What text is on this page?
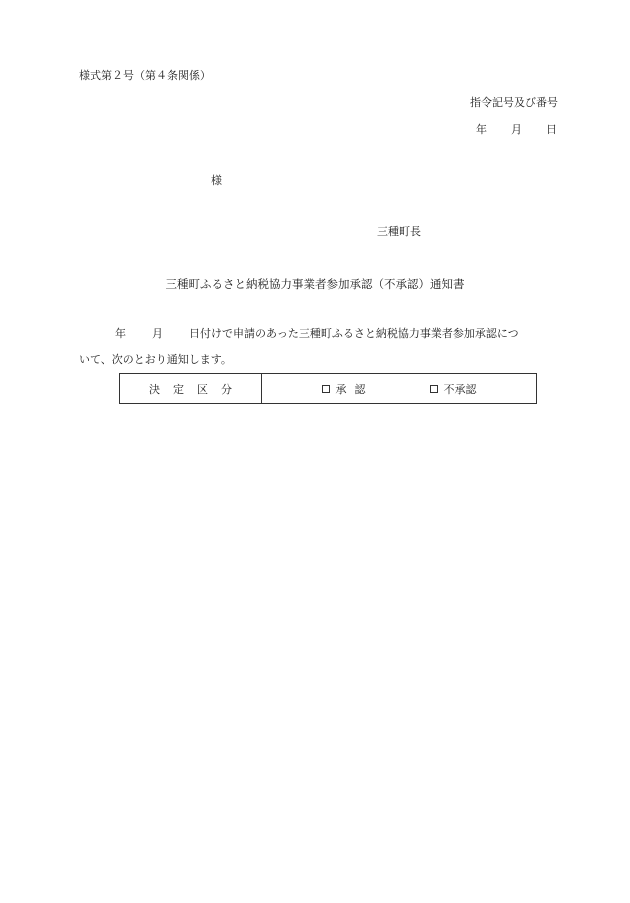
様式第２号（第４条関係）
指令記号及び番号
年 月 日
様
三種町長
三種町ふるさと納税協力事業者参加承認（不承認）通知書
年 月 日付けで申請のあった三種町ふるさと納税協力事業者参加承認につ
いて、次のとおり通知します。
決定区分	承認	不承認
